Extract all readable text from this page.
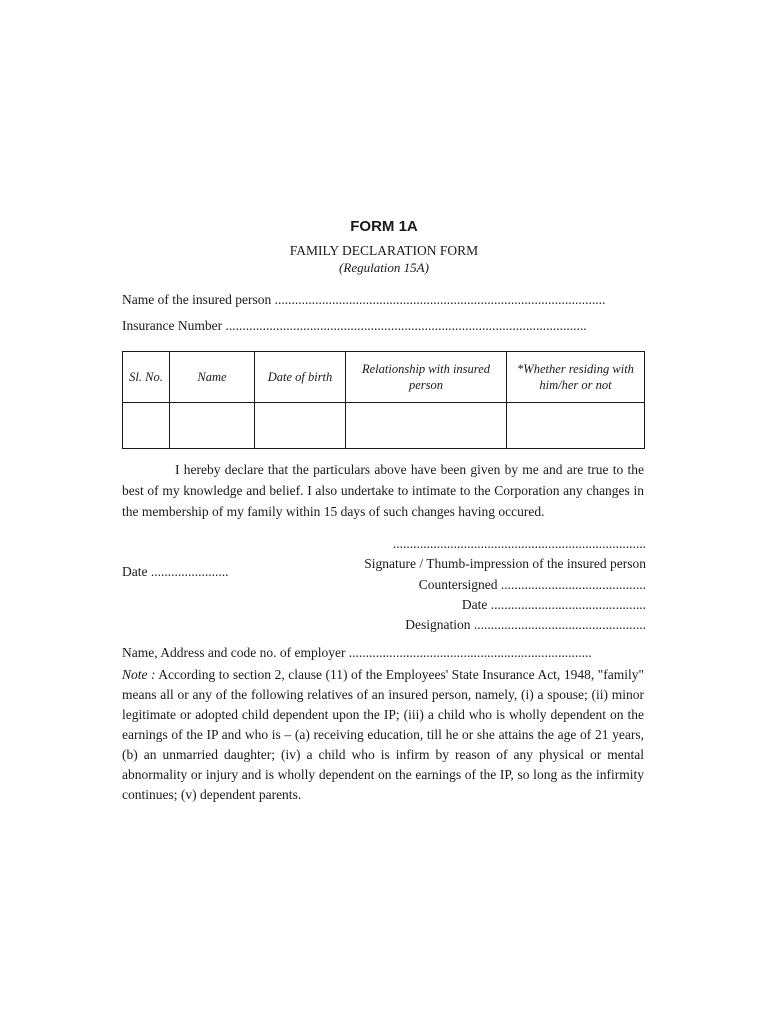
FORM 1A
FAMILY DECLARATION FORM
(Regulation 15A)
Name of the insured person ..................................................................................................
Insurance Number ...........................................................................................................
Sl. No.	Name	Date of birth	Relationship with insured person	*Whether residing with him/her or not

I hereby declare that the particulars above have been given by me and are true to the best of my knowledge and belief. I also undertake to intimate to the Corporation any changes in the membership of my family within 15 days of such changes having occured.

...........................................................................
Date .......................
Signature / Thumb-impression of the insured person
Countersigned ...........................................
Date ..............................................
Designation ...................................................
Name, Address and code no. of employer ........................................................................

Note : According to section 2, clause (11) of the Employees' State Insurance Act, 1948, "family" means all or any of the following relatives of an insured person, namely, (i) a spouse; (ii) minor legitimate or adopted child dependent upon the IP; (iii) a child who is wholly dependent on the earnings of the IP and who is – (a) receiving education, till he or she attains the age of 21 years, (b) an unmarried daughter; (iv) a child who is infirm by reason of any physical or mental abnormality or injury and is wholly dependent on the earnings of the IP, so long as the infirmity continues; (v) dependent parents.
